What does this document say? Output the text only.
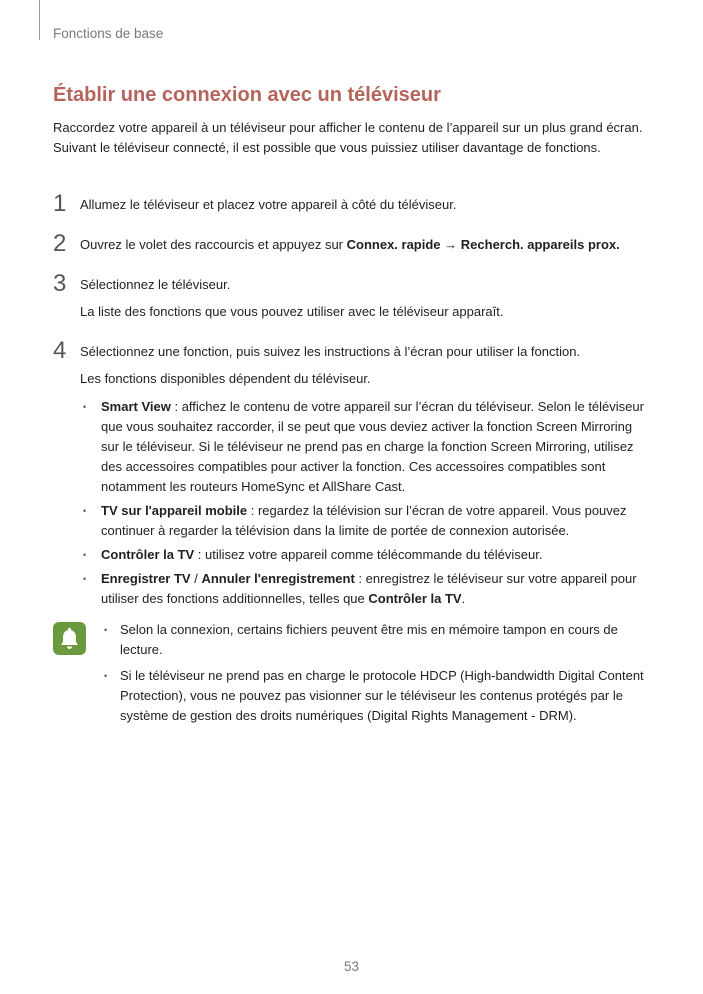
Fonctions de base
Établir une connexion avec un téléviseur

Raccordez votre appareil à un téléviseur pour afficher le contenu de l’appareil sur un plus grand écran. Suivant le téléviseur connecté, il est possible que vous puissiez utiliser davantage de fonctions.

1 Allumez le téléviseur et placez votre appareil à côté du téléviseur.
2 Ouvrez le volet des raccourcis et appuyez sur Connex. rapide → Recherch. appareils prox.
3 Sélectionnez le téléviseur.
La liste des fonctions que vous pouvez utiliser avec le téléviseur apparaît.
4 Sélectionnez une fonction, puis suivez les instructions à l’écran pour utiliser la fonction.
Les fonctions disponibles dépendent du téléviseur.
• Smart View : affichez le contenu de votre appareil sur l’écran du téléviseur. Selon le téléviseur que vous souhaitez raccorder, il se peut que vous deviez activer la fonction Screen Mirroring sur le téléviseur. Si le téléviseur ne prend pas en charge la fonction Screen Mirroring, utilisez des accessoires compatibles pour activer la fonction. Ces accessoires compatibles sont notamment les routeurs HomeSync et AllShare Cast.
• TV sur l'appareil mobile : regardez la télévision sur l’écran de votre appareil. Vous pouvez continuer à regarder la télévision dans la limite de portée de connexion autorisée.
• Contrôler la TV : utilisez votre appareil comme télécommande du téléviseur.
• Enregistrer TV / Annuler l'enregistrement : enregistrez le téléviseur sur votre appareil pour utiliser des fonctions additionnelles, telles que Contrôler la TV.
• Selon la connexion, certains fichiers peuvent être mis en mémoire tampon en cours de lecture.
• Si le téléviseur ne prend pas en charge le protocole HDCP (High-bandwidth Digital Content Protection), vous ne pouvez pas visionner sur le téléviseur les contenus protégés par le système de gestion des droits numériques (Digital Rights Management - DRM).
53
